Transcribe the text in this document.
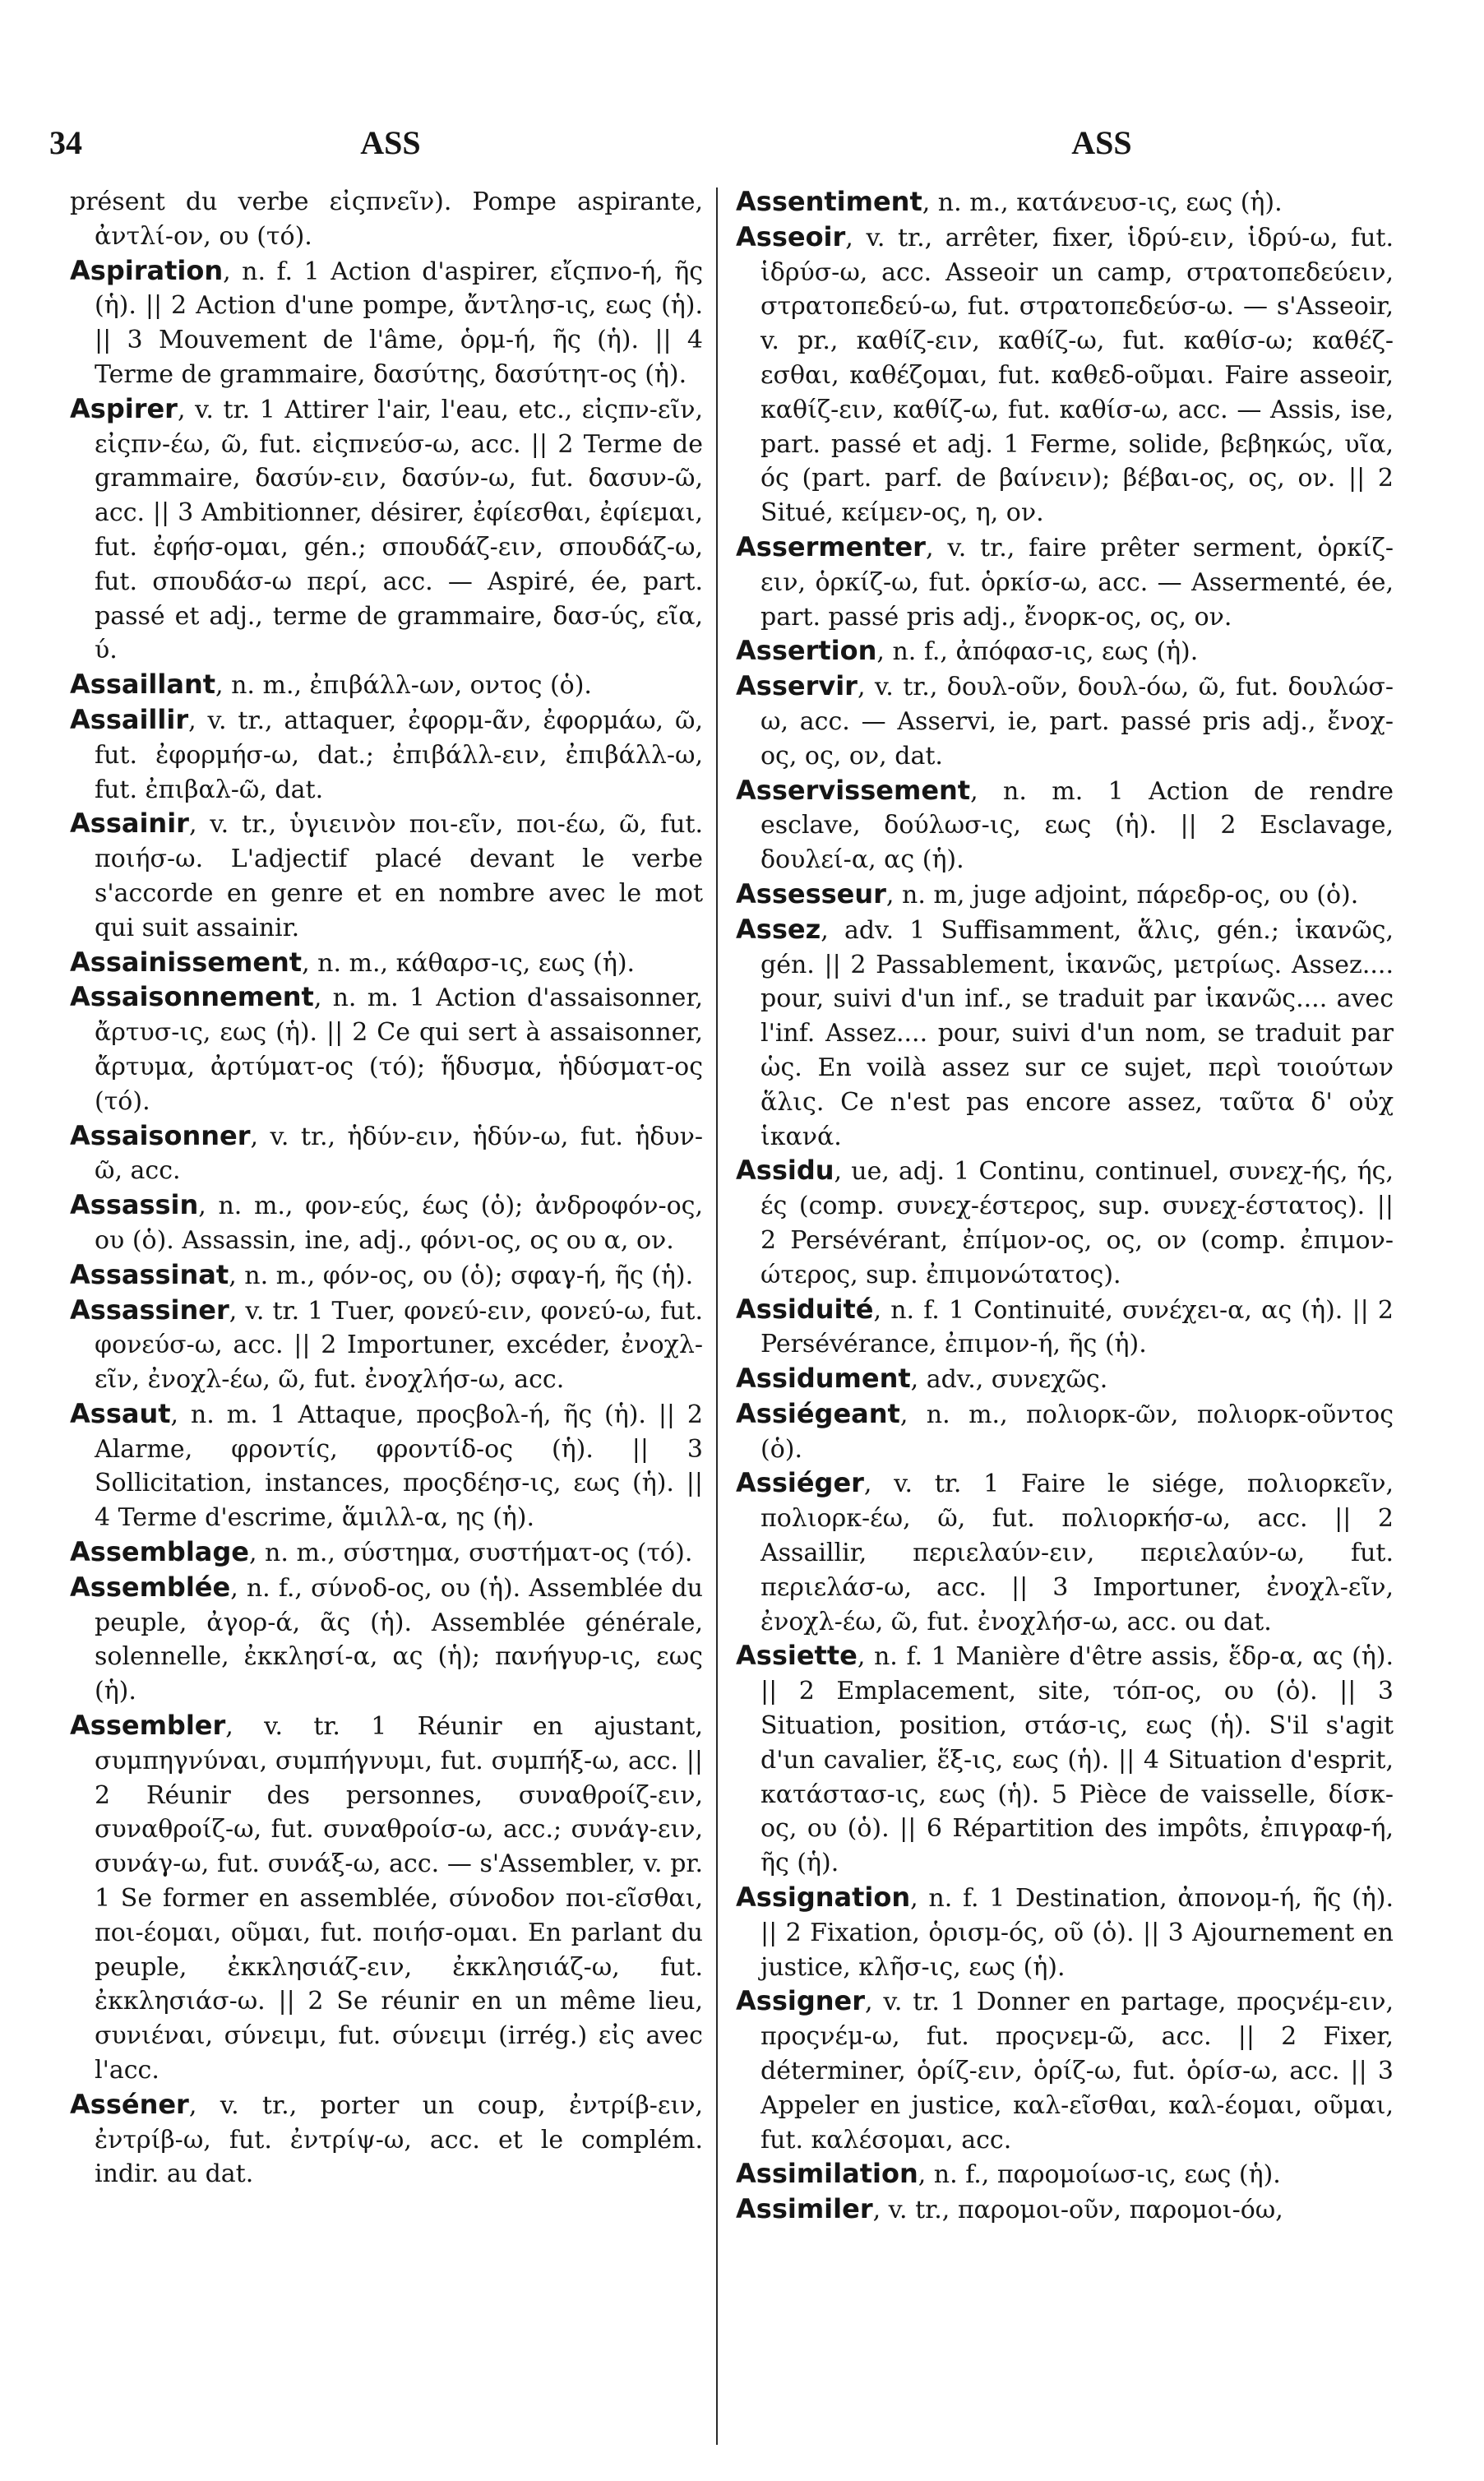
34	ASS	ASS

présent du verbe εἰςπνεῖν). Pompe aspirante, ἀντλί-ον, ου (τό).

Aspiration, n. f. 1 Action d'aspirer, εἴςπνο-ή, ῆς (ἡ). || 2 Action d'une pompe, ἄντλησ-ις, εως (ἡ). || 3 Mouvement de l'âme, ὁρμ-ή, ῆς (ἡ). || 4 Terme de grammaire, δασύτης, δασύτητ-ος (ἡ).

Aspirer, v. tr. 1 Attirer l'air, l'eau, etc., εἰςπν-εῖν, εἰςπν-έω, ῶ, fut. εἰςπνεύσ-ω, acc. || 2 Terme de grammaire, δασύν-ειν, δασύν-ω, fut. δασυν-ῶ, acc. || 3 Ambitionner, désirer, ἐφίεσθαι, ἐφίεμαι, fut. ἐφήσ-ομαι, gén.; σπουδάζ-ειν, σπουδάζ-ω, fut. σπουδάσ-ω περί, acc. — Aspiré, ée, part. passé et adj., terme de grammaire, δασ-ύς, εῖα, ύ.

Assaillant, n. m., ἐπιβάλλ-ων, οντος (ὁ).

Assaillir, v. tr., attaquer, ἐφορμ-ᾶν, ἐφορμάω, ῶ, fut. ἐφορμήσ-ω, dat.; ἐπιβάλλ-ειν, ἐπιβάλλ-ω, fut. ἐπιβαλ-ῶ, dat.

Assainir, v. tr., ὑγιεινὸν ποι-εῖν, ποι-έω, ῶ, fut. ποιήσ-ω. L'adjectif placé devant le verbe s'accorde en genre et en nombre avec le mot qui suit assainir.

Assainissement, n. m., κάθαρσ-ις, εως (ἡ).

Assaisonnement, n. m. 1 Action d'assaisonner, ἄρτυσ-ις, εως (ἡ). || 2 Ce qui sert à assaisonner, ἄρτυμα, ἀρτύματ-ος (τό); ἥδυσμα, ἡδύσματ-ος (τό).

Assaisonner, v. tr., ἡδύν-ειν, ἡδύν-ω, fut. ἡδυν-ῶ, acc.

Assassin, n. m., φον-εύς, έως (ὁ); ἀνδροφόν-ος, ου (ὁ). Assassin, ine, adj., φόνι-ος, ος ου α, ον.

Assassinat, n. m., φόν-ος, ου (ὁ); σφαγ-ή, ῆς (ἡ).

Assassiner, v. tr. 1 Tuer, φονεύ-ειν, φονεύ-ω, fut. φονεύσ-ω, acc. || 2 Importuner, excéder, ἐνοχλ-εῖν, ἐνοχλ-έω, ῶ, fut. ἐνοχλήσ-ω, acc.

Assaut, n. m. 1 Attaque, προςβολ-ή, ῆς (ἡ). || 2 Alarme, φροντίς, φροντίδ-ος (ἡ). || 3 Sollicitation, instances, προςδέησ-ις, εως (ἡ). || 4 Terme d'escrime, ἅμιλλ-α, ης (ἡ).

Assemblage, n. m., σύστημα, συστήματ-ος (τό).

Assemblée, n. f., σύνοδ-ος, ου (ἡ). Assemblée du peuple, ἀγορ-ά, ᾶς (ἡ). Assemblée générale, solennelle, ἐκκλησί-α, ας (ἡ); πανήγυρ-ις, εως (ἡ).

Assembler, v. tr. 1 Réunir en ajustant, συμπηγνύναι, συμπήγνυμι, fut. συμπήξ-ω, acc. || 2 Réunir des personnes, συναθροίζ-ειν, συναθροίζ-ω, fut. συναθροίσ-ω, acc.; συνάγ-ειν, συνάγ-ω, fut. συνάξ-ω, acc. — s'Assembler, v. pr. 1 Se former en assemblée, σύνοδον ποι-εῖσθαι, ποι-έομαι, οῦμαι, fut. ποιήσ-ομαι. En parlant du peuple, ἐκκλησιάζ-ειν, ἐκκλησιάζ-ω, fut. ἐκκλησιάσ-ω. || 2 Se réunir en un même lieu, συνιέναι, σύνειμι, fut. σύνειμι (irrég.) εἰς avec l'acc.

Asséner, v. tr., porter un coup, ἐντρίβ-ειν, ἐντρίβ-ω, fut. ἐντρίψ-ω, acc. et le complém. indir. au dat.

Assentiment, n. m., κατάνευσ-ις, εως (ἡ).

Asseoir, v. tr., arrêter, fixer, ἱδρύ-ειν, ἱδρύ-ω, fut. ἱδρύσ-ω, acc. Asseoir un camp, στρατοπεδεύειν, στρατοπεδεύ-ω, fut. στρατοπεδεύσ-ω. — s'Asseoir, v. pr., καθίζ-ειν, καθίζ-ω, fut. καθίσ-ω; καθέζ-εσθαι, καθέζομαι, fut. καθεδ-οῦμαι. Faire asseoir, καθίζ-ειν, καθίζ-ω, fut. καθίσ-ω, acc. — Assis, ise, part. passé et adj. 1 Ferme, solide, βεβηκώς, υῖα, ός (part. parf. de βαίνειν); βέβαι-ος, ος, ον. || 2 Situé, κείμεν-ος, η, ον.

Assermenter, v. tr., faire prêter serment, ὁρκίζ-ειν, ὁρκίζ-ω, fut. ὁρκίσ-ω, acc. — Assermenté, ée, part. passé pris adj., ἔνορκ-ος, ος, ον.

Assertion, n. f., ἀπόφασ-ις, εως (ἡ).

Asservir, v. tr., δουλ-οῦν, δουλ-όω, ῶ, fut. δουλώσ-ω, acc. — Asservi, ie, part. passé pris adj., ἔνοχ-ος, ος, ον, dat.

Asservissement, n. m. 1 Action de rendre esclave, δούλωσ-ις, εως (ἡ). || 2 Esclavage, δουλεί-α, ας (ἡ).

Assesseur, n. m, juge adjoint, πάρεδρ-ος, ου (ὁ).

Assez, adv. 1 Suffisamment, ἅλις, gén.; ἱκανῶς, gén. || 2 Passablement, ἱκανῶς, μετρίως. Assez.... pour, suivi d'un inf., se traduit par ἱκανῶς.... avec l'inf. Assez.... pour, suivi d'un nom, se traduit par ὡς. En voilà assez sur ce sujet, περὶ τοιούτων ἅλις. Ce n'est pas encore assez, ταῦτα δ' οὐχ ἱκανά.

Assidu, ue, adj. 1 Continu, continuel, συνεχ-ής, ής, ές (comp. συνεχ-έστερος, sup. συνεχ-έστατος). || 2 Persévérant, ἐπίμον-ος, ος, ον (comp. ἐπιμον-ώτερος, sup. ἐπιμονώτατος).

Assiduité, n. f. 1 Continuité, συνέχει-α, ας (ἡ). || 2 Persévérance, ἐπιμον-ή, ῆς (ἡ).

Assidument, adv., συνεχῶς.

Assiégeant, n. m., πολιορκ-ῶν, πολιορκ-οῦντος (ὁ).

Assiéger, v. tr. 1 Faire le siége, πολιορκεῖν, πολιορκ-έω, ῶ, fut. πολιορκήσ-ω, acc. || 2 Assaillir, περιελαύν-ειν, περιελαύν-ω, fut. περιελάσ-ω, acc. || 3 Importuner, ἐνοχλ-εῖν, ἐνοχλ-έω, ῶ, fut. ἐνοχλήσ-ω, acc. ou dat.

Assiette, n. f. 1 Manière d'être assis, ἕδρ-α, ας (ἡ). || 2 Emplacement, site, τόπ-ος, ου (ὁ). || 3 Situation, position, στάσ-ις, εως (ἡ). S'il s'agit d'un cavalier, ἕξ-ις, εως (ἡ). || 4 Situation d'esprit, κατάστασ-ις, εως (ἡ). 5 Pièce de vaisselle, δίσκ-ος, ου (ὁ). || 6 Répartition des impôts, ἐπιγραφ-ή, ῆς (ἡ).

Assignation, n. f. 1 Destination, ἀπονομ-ή, ῆς (ἡ). || 2 Fixation, ὁρισμ-ός, οῦ (ὁ). || 3 Ajournement en justice, κλῆσ-ις, εως (ἡ).

Assigner, v. tr. 1 Donner en partage, προςνέμ-ειν, προςνέμ-ω, fut. προςνεμ-ῶ, acc. || 2 Fixer, déterminer, ὁρίζ-ειν, ὁρίζ-ω, fut. ὁρίσ-ω, acc. || 3 Appeler en justice, καλ-εῖσθαι, καλ-έομαι, οῦμαι, fut. καλέσομαι, acc.

Assimilation, n. f., παρομοίωσ-ις, εως (ἡ).

Assimiler, v. tr., παρομοι-οῦν, παρομοι-όω,
